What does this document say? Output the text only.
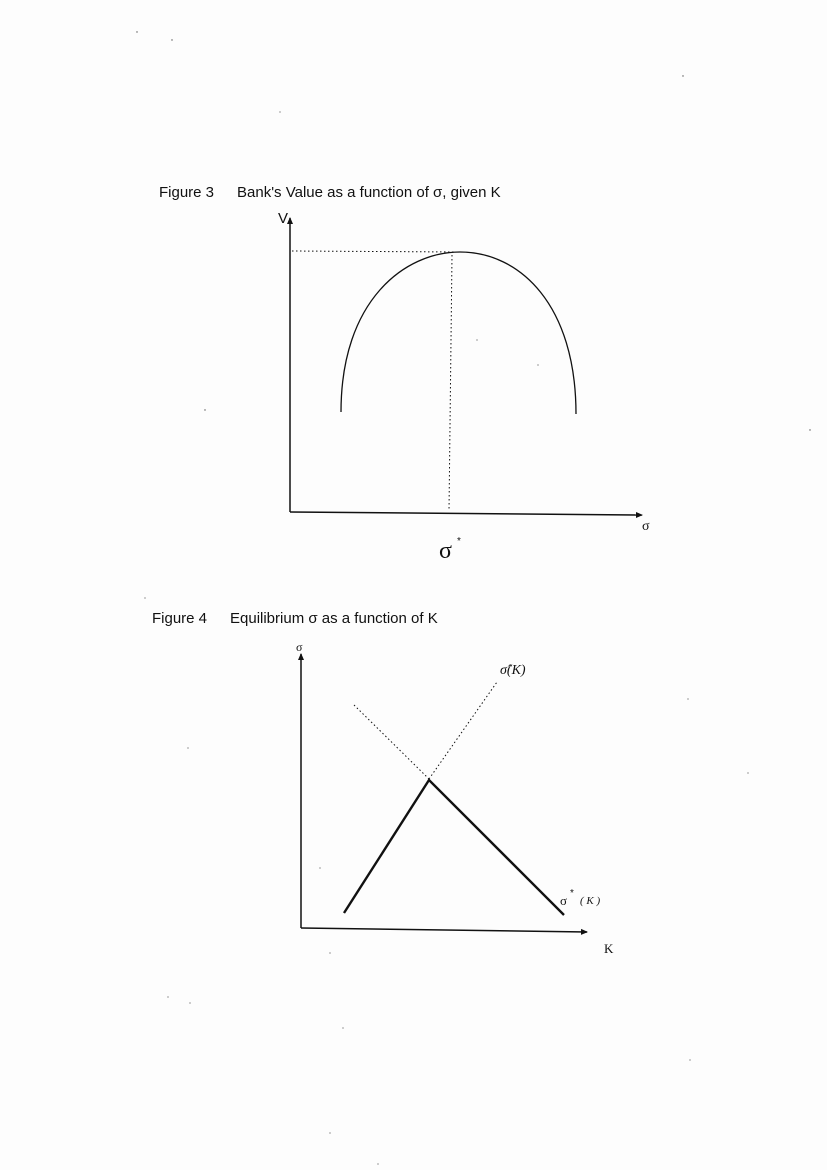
Figure 3 Bank's Value as a function of σ, given K
Figure 4 Equilibrium σ as a function of K
V
σ
σ *
σ
K
σ̂(K)
σ *
( K )
